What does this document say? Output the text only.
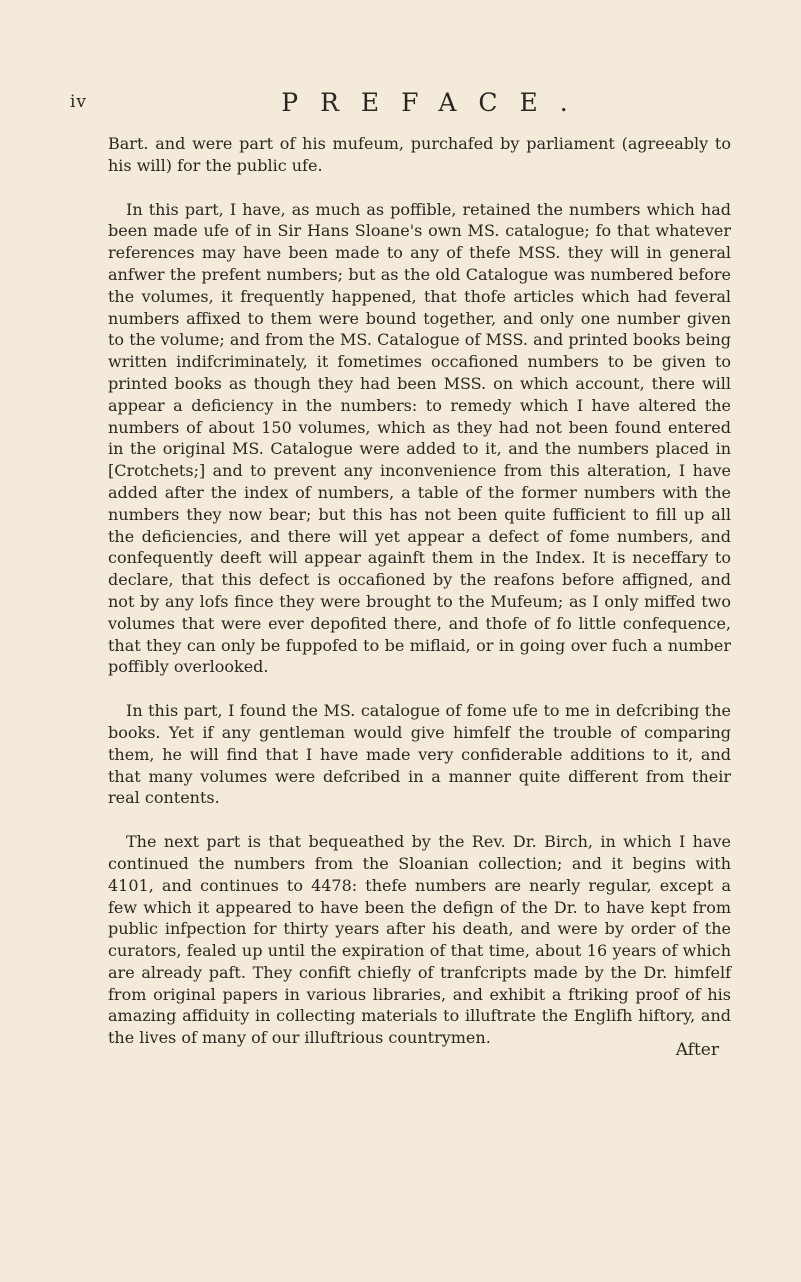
iv	PREFACE.

Bart. and were part of his mufeum, purchafed by parliament (agreeably to his will) for the public ufe.

In this part, I have, as much as poffible, retained the numbers which had been made ufe of in Sir Hans Sloane's own MS. catalogue; fo that whatever references may have been made to any of thefe MSS. they will in general anfwer the prefent numbers; but as the old Catalogue was numbered before the volumes, it frequently happened, that thofe articles which had feveral numbers affixed to them were bound together, and only one number given to the volume; and from the MS. Catalogue of MSS. and printed books being written indifcriminately, it fometimes occafioned numbers to be given to printed books as though they had been MSS. on which account, there will appear a deficiency in the numbers: to remedy which I have altered the numbers of about 150 volumes, which as they had not been found entered in the original MS. Catalogue were added to it, and the numbers placed in [Crotchets;] and to prevent any inconvenience from this alteration, I have added after the index of numbers, a table of the former numbers with the numbers they now bear; but this has not been quite fufficient to fill up all the deficiencies, and there will yet appear a defect of fome numbers, and confequently deeft will appear againft them in the Index. It is neceffary to declare, that this defect is occafioned by the reafons before affigned, and not by any lofs fince they were brought to the Mufeum; as I only miffed two volumes that were ever depofited there, and thofe of fo little confequence, that they can only be fuppofed to be miflaid, or in going over fuch a number poffibly overlooked.

In this part, I found the MS. catalogue of fome ufe to me in defcribing the books. Yet if any gentleman would give himfelf the trouble of comparing them, he will find that I have made very confiderable additions to it, and that many volumes were defcribed in a manner quite different from their real contents.

The next part is that bequeathed by the Rev. Dr. Birch, in which I have continued the numbers from the Sloanian collection; and it begins with 4101, and continues to 4478: thefe numbers are nearly regular, except a few which it appeared to have been the defign of the Dr. to have kept from public infpection for thirty years after his death, and were by order of the curators, fealed up until the expiration of that time, about 16 years of which are already paft. They confift chiefly of tranfcripts made by the Dr. himfelf from original papers in various libraries, and exhibit a ftriking proof of his amazing affiduity in collecting materials to illuftrate the Englifh hiftory, and the lives of many of our illuftrious countrymen.

After
